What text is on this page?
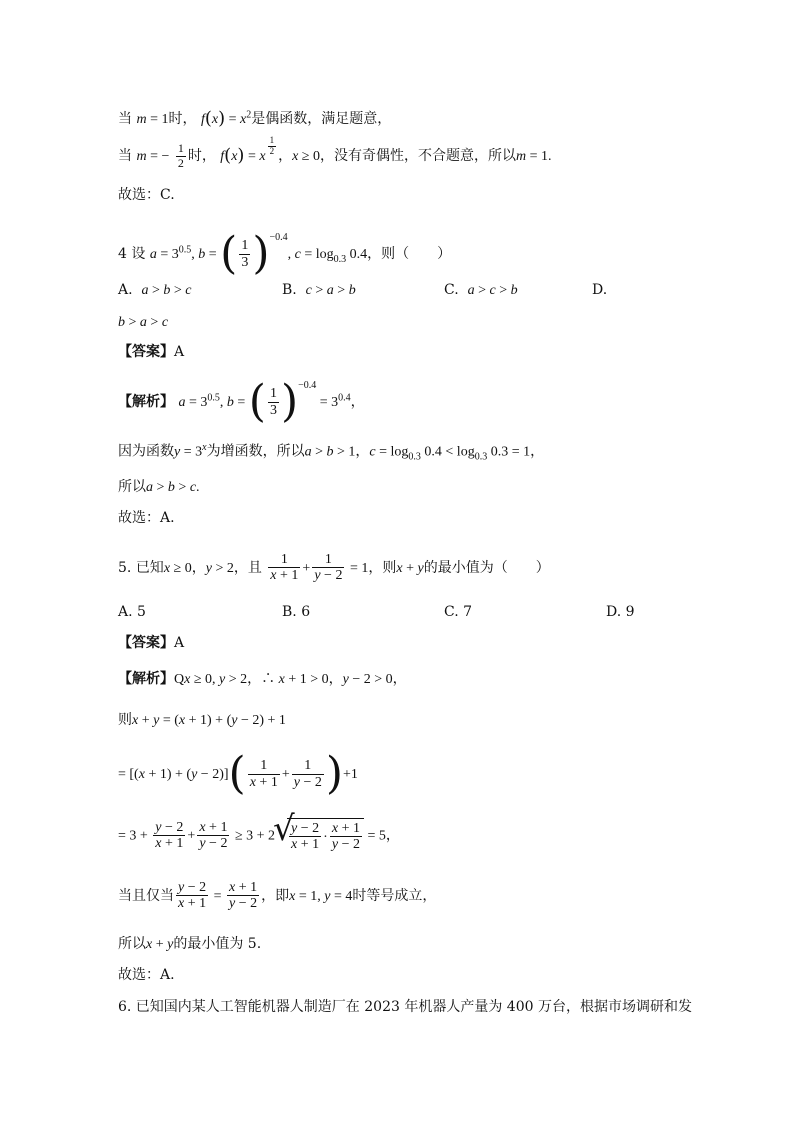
当 m = 1时， $f(x) = x^2$是偶函数，满足题意，
当 m = − $\frac{1}{2}$ 时， f(x) = x $^{\frac{1}{2}}$ ，x ≥ 0，没有奇偶性，不合题意，所以m = 1.
故选：C.
4 设 $a = 3^{0.5}$, b = ( $\frac{1}{3} )^{-0.4}$, $c = \log_{0.3} 0.4$，则（　　）
A. a > b > c	B. c > a > b	C. a > c > b	D.
b > a > c
【答案】A
【解析】 $a = 3^{0.5}$, b = ( $\frac{1}{3} )^{-0.4} = 3^{0.4}$，
因为函数$y = 3^x$为增函数，所以a > b > 1，$c = \log_{0.3} 0.4 < \log_{0.3} 0.3 = 1$，
所以a > b > c.
故选：A.
5. 已知x ≥ 0，y > 2，且 $\frac{1}{x + 1} + \frac{1}{y - 2} = 1$，则x + y的最小值为（　　）
A. 5	B. 6	C. 7	D. 9
【答案】A
【解析】Qx ≥ 0, y > 2，∴ x + 1 > 0，y − 2 > 0，
则x + y = (x + 1) + (y − 2) + 1
= $[(x + 1) + (y - 2)]( \frac{1}{x + 1} + \frac{1}{y - 2} )+1$
= $3 + \frac{y - 2}{x + 1} + \frac{x + 1}{y - 2} \ge 3 + 2$
√ $\frac{y - 2}{x + 1} \cdot \frac{x + 1}{y - 2} = 5$，
当且仅当 $\frac{y - 2}{x + 1} = \frac{x + 1}{y - 2}$ ，即x = 1, y = 4时等号成立，
所以x + y的最小值为 5.
故选：A.
6. 已知国内某人工智能机器人制造厂在 2023 年机器人产量为 400 万台，根据市场调研和发
